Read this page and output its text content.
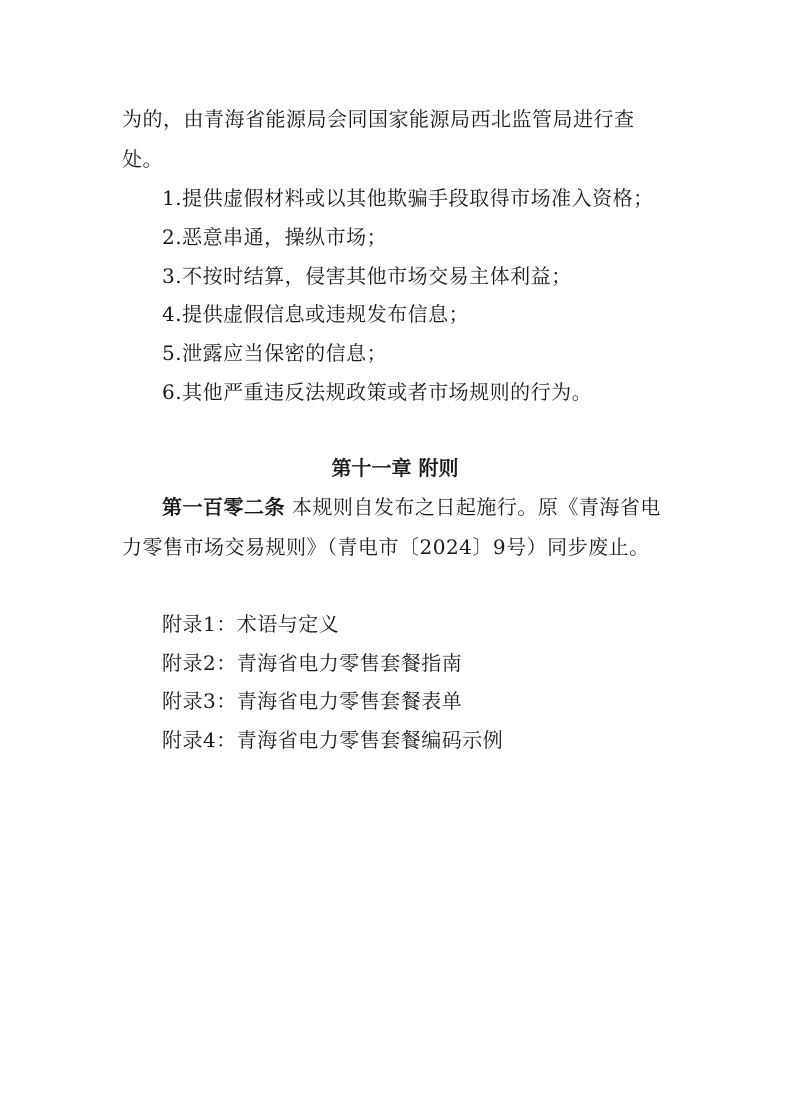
为的，由青海省能源局会同国家能源局西北监管局进行查
处。
1.提供虚假材料或以其他欺骗手段取得市场准入资格；
2.恶意串通，操纵市场；
3.不按时结算，侵害其他市场交易主体利益；
4.提供虚假信息或违规发布信息；
5.泄露应当保密的信息；
6.其他严重违反法规政策或者市场规则的行为。
第十一章 附则
第一百零二条 本规则自发布之日起施行。原《青海省电
力零售市场交易规则》（青电市〔2024〕9号）同步废止。
附录1：术语与定义
附录2：青海省电力零售套餐指南
附录3：青海省电力零售套餐表单
附录4：青海省电力零售套餐编码示例
